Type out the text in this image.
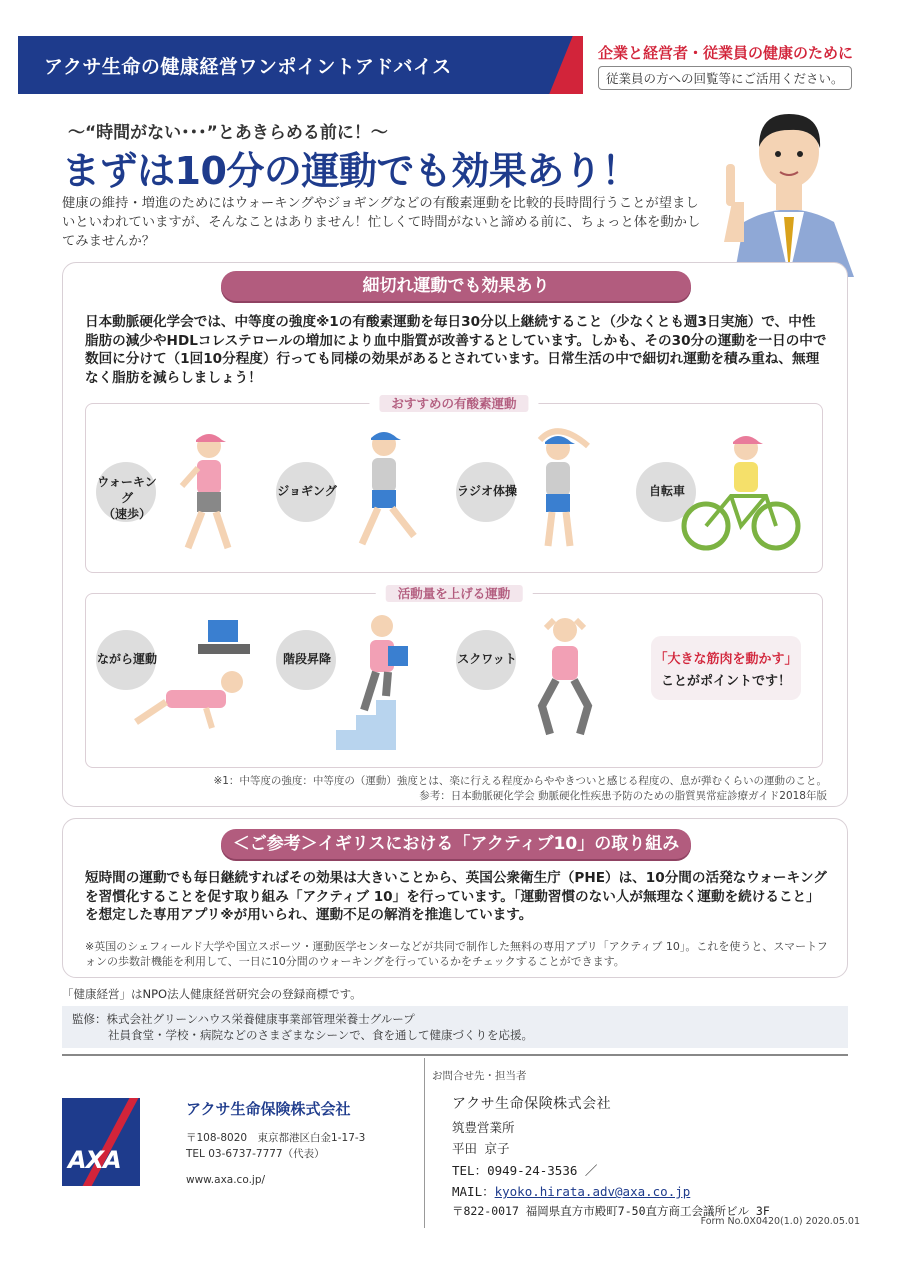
アクサ生命の健康経営ワンポイントアドバイス
企業と経営者・従業員の健康のために
従業員の方への回覧等にご活用ください。
～“時間がない･･･”とあきらめる前に！～
まずは10分の運動でも効果あり！
健康の維持・増進のためにはウォーキングやジョギングなどの有酸素運動を比較的長時間行うことが望ましいといわれていますが、そんなことはありません！忙しくて時間がないと諦める前に、ちょっと体を動かしてみませんか？
細切れ運動でも効果あり
日本動脈硬化学会では、中等度の強度※1の有酸素運動を毎日30分以上継続すること（少なくとも週3日実施）で、中性脂肪の減少やHDLコレステロールの増加により血中脂質が改善するとしています。しかも、その30分の運動を一日の中で数回に分けて（1回10分程度）行っても同様の効果があるとされています。日常生活の中で細切れ運動を積み重ね、無理なく脂肪を減らしましょう！
おすすめの有酸素運動
ウォーキング
（速歩）
ジョギング	ラジオ体操	自転車
活動量を上げる運動
ながら運動	階段昇降	スクワット	「大きな筋肉を動かす」
ことがポイントです！
※1：中等度の強度：中等度の（運動）強度とは、楽に行える程度からややきついと感じる程度の、息が弾むくらいの運動のこと。
参考：日本動脈硬化学会 動脈硬化性疾患予防のための脂質異常症診療ガイド2018年版
＜ご参考＞イギリスにおける「アクティブ10」の取り組み
短時間の運動でも毎日継続すればその効果は大きいことから、英国公衆衛生庁（PHE）は、10分間の活発なウォーキングを習慣化することを促す取り組み「アクティブ 10」を行っています。「運動習慣のない人が無理なく運動を続けること」を想定した専用アプリ※が用いられ、運動不足の解消を推進しています。
※英国のシェフィールド大学や国立スポーツ・運動医学センターなどが共同で制作した無料の専用アプリ「アクティブ 10」。これを使うと、スマートフォンの歩数計機能を利用して、一日に10分間のウォーキングを行っているかをチェックすることができます。
「健康経営」はNPO法人健康経営研究会の登録商標です。
監修：株式会社グリーンハウス栄養健康事業部管理栄養士グループ
社員食堂・学校・病院などのさまざまなシーンで、食を通して健康づくりを応援。
AXA
アクサ生命保険株式会社
〒108-8020　東京都港区白金1-17-3
TEL 03-6737-7777（代表）
www.axa.co.jp/
お問合せ先・担当者
アクサ生命保険株式会社
筑豊営業所
平田 京子
TEL：0949-24-3536 ／
MAIL：kyoko.hirata.adv@axa.co.jp
〒822-0017 福岡県直方市殿町7-50直方商工会議所ビル 3F
Form No.0X0420(1.0) 2020.05.01
